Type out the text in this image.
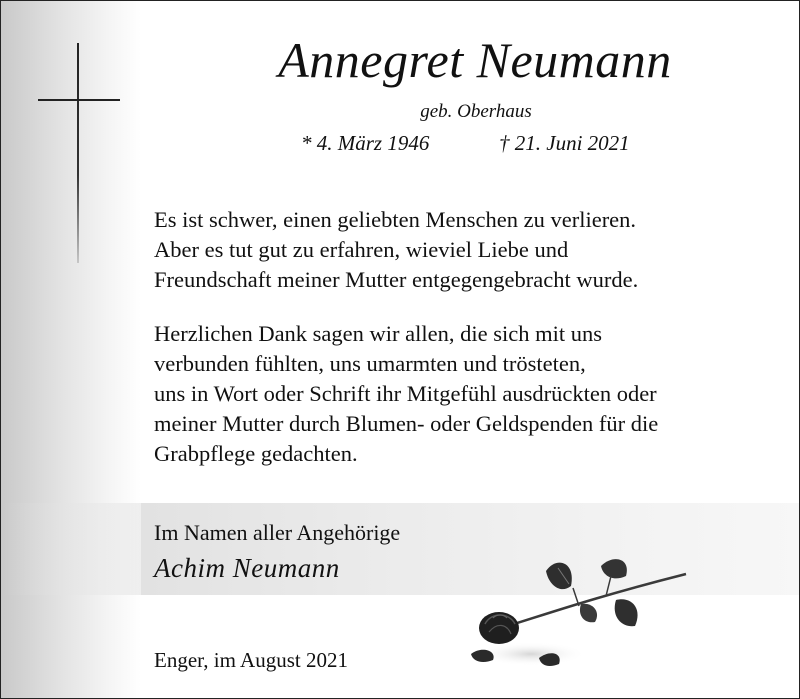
Annegret Neumann
geb. Oberhaus
* 4. März 1946	† 21. Juni 2021
Es ist schwer, einen geliebten Menschen zu verlieren.
Aber es tut gut zu erfahren, wieviel Liebe und
Freundschaft meiner Mutter entgegengebracht wurde.
Herzlichen Dank sagen wir allen, die sich mit uns
verbunden fühlten, uns umarmten und trösteten,
uns in Wort oder Schrift ihr Mitgefühl ausdrückten oder
meiner Mutter durch Blumen- oder Geldspenden für die
Grabpflege gedachten.
Im Namen aller Angehörige
Achim Neumann
Enger, im August 2021
